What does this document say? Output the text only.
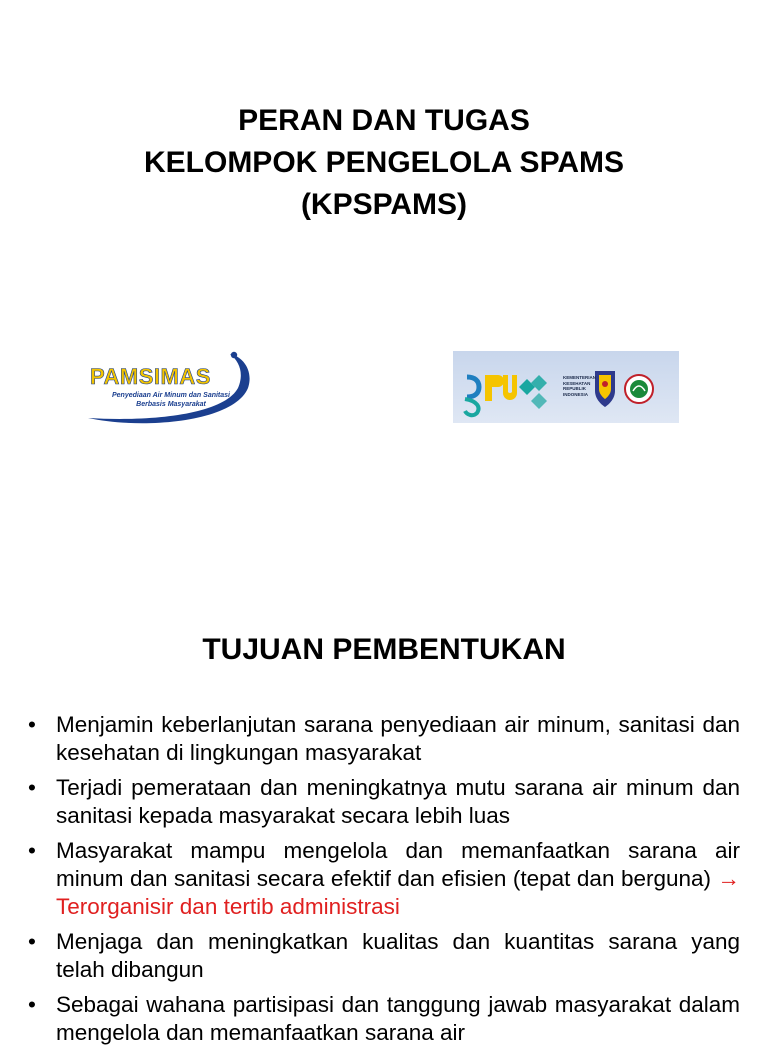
PERAN DAN TUGAS
KELOMPOK PENGELOLA SPAMS
(KPSPAMS)
PAMSIMAS
Penyediaan Air Minum dan Sanitasi
Berbasis Masyarakat
KEMENTERIAN
KESEHATAN
REPUBLIK
INDONESIA
TUJUAN PEMBENTUKAN
• Menjamin keberlanjutan sarana penyediaan air minum, sanitasi dan kesehatan di lingkungan masyarakat
• Terjadi pemerataan dan meningkatnya mutu sarana air minum dan sanitasi kepada masyarakat secara lebih luas
• Masyarakat mampu mengelola dan memanfaatkan sarana air minum dan sanitasi secara efektif dan efisien (tepat dan berguna) → Terorganisir dan tertib administrasi
• Menjaga dan meningkatkan kualitas dan kuantitas sarana yang telah dibangun
• Sebagai wahana partisipasi dan tanggung jawab masyarakat dalam mengelola dan memanfaatkan sarana air
